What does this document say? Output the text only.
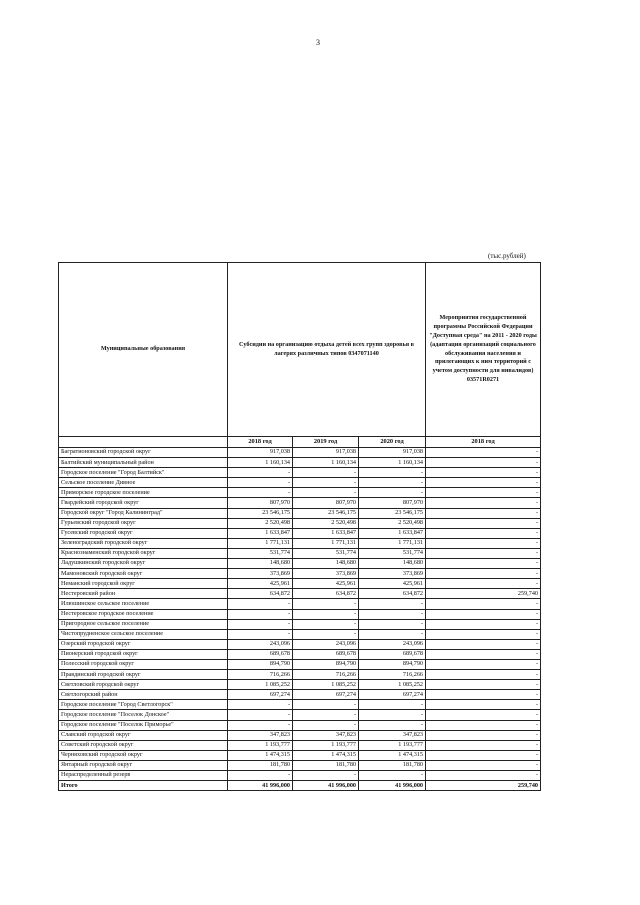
3
(тыс.рублей)
Муниципальные образования	Субсидии на организацию отдыха детей всех групп здоровья в лагерях различных типов 0347071140			Мероприятия государственной программы Российской Федерации "Доступная среда" на 2011 - 2020 годы (адаптация организаций социального обслуживания населения и прилегающих к ним территорий с учетом доступности для инвалидов) 03571R0271
	2018 год	2019 год	2020 год	2018 год
Багратионовский городской округ	917,038	917,038	917,038	-
Балтийский муниципальный район	1 160,134	1 160,134	1 160,134	-
Городское поселение "Город Балтийск"	-	-	-	-
Сельское поселение Дивное	-	-	-	-
Приморское городское поселение	-	-	-	-
Гвардейский городской округ	807,970	807,970	807,970	-
Городской округ "Город Калининград"	23 546,175	23 546,175	23 546,175	-
Гурьевский городской округ	2 520,498	2 520,498	2 520,498	-
Гусевский городской округ	1 633,847	1 633,847	1 633,847	-
Зеленоградский городской округ	1 771,131	1 771,131	1 771,131	-
Краснознаменский городской округ	531,774	531,774	531,774	-
Ладушкинский городской округ	148,680	148,680	148,680	-
Мамоновский городской округ	373,869	373,869	373,869	-
Неманский городской округ	425,961	425,961	425,961	-
Нестеровский район	634,872	634,872	634,872	259,740
Илюшинское сельское поселение	-	-	-	-
Нестеровское городское поселение	-	-	-	-
Пригородное сельское поселение	-	-	-	-
Чистопрудненское сельское поселение	-	-	-	-
Озерский городской округ	243,096	243,096	243,096	-
Пионерский городской округ	689,678	689,678	689,678	-
Полесский городской округ	894,790	894,790	894,790	-
Правдинский городской округ	716,266	716,266	716,266	-
Светловский городской округ	1 085,252	1 085,252	1 085,252	-
Светлогорский район	697,274	697,274	697,274	-
Городское поселение "Город Светлогорск"	-	-	-	-
Городское поселение "Поселок Донское"	-	-	-	-
Городское поселение "Поселок Приморье"	-	-	-	-
Славский городской округ	347,823	347,823	347,823	-
Советский городской округ	1 193,777	1 193,777	1 193,777	-
Черняховский городской округ	1 474,315	1 474,315	1 474,315	-
Янтарный городской округ	181,780	181,780	181,780	-
Нераспределенный резерв	-	-	-	-
Итого	41 996,000	41 996,000	41 996,000	259,740
